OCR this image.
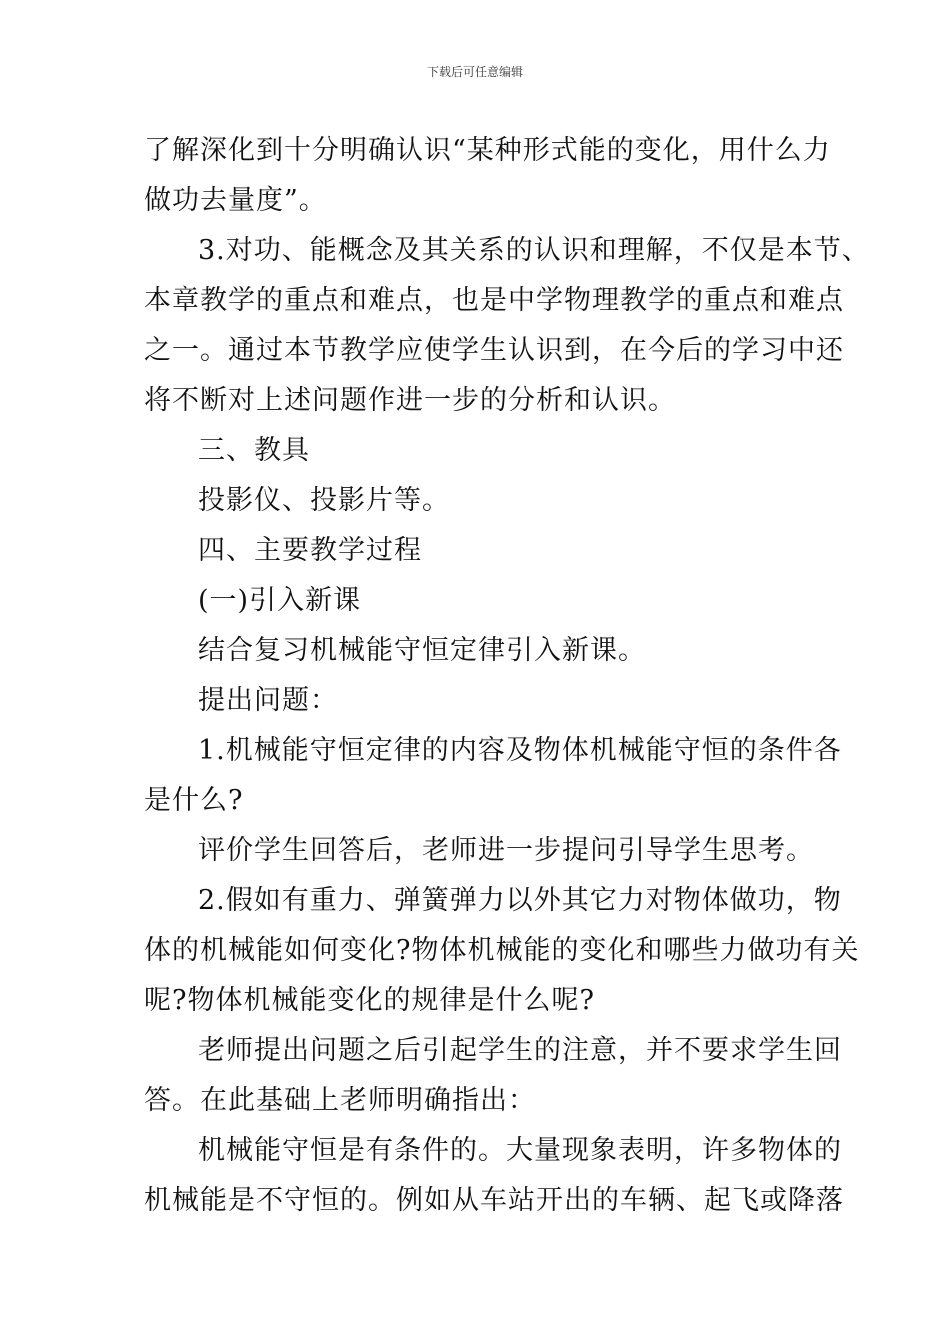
下载后可任意编辑
了解深化到十分明确认识“某种形式能的变化，用什么力
做功去量度”。
3.对功、能概念及其关系的认识和理解，不仅是本节、
本章教学的重点和难点，也是中学物理教学的重点和难点
之一。通过本节教学应使学生认识到，在今后的学习中还
将不断对上述问题作进一步的分析和认识。
三、教具
投影仪、投影片等。
四、主要教学过程
(一)引入新课
结合复习机械能守恒定律引入新课。
提出问题：
1.机械能守恒定律的内容及物体机械能守恒的条件各
是什么?
评价学生回答后，老师进一步提问引导学生思考。
2.假如有重力、弹簧弹力以外其它力对物体做功，物
体的机械能如何变化?物体机械能的变化和哪些力做功有关
呢?物体机械能变化的规律是什么呢?
老师提出问题之后引起学生的注意，并不要求学生回
答。在此基础上老师明确指出：
机械能守恒是有条件的。大量现象表明，许多物体的
机械能是不守恒的。例如从车站开出的车辆、起飞或降落
